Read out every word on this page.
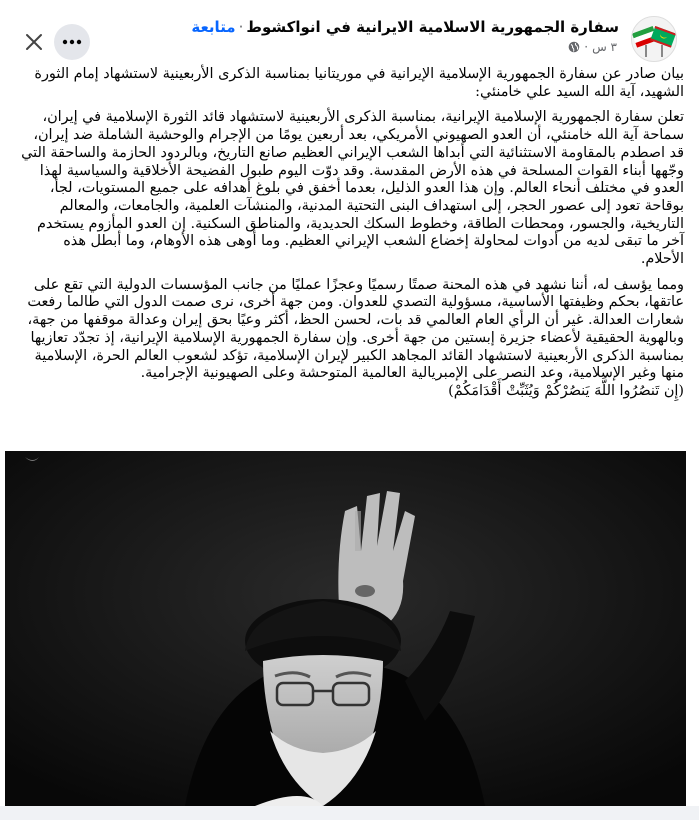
سفارة الجمهورية الاسلامية الايرانية في انواكشوط·متابعة
٣ س
·

بيان صادر عن سفارة الجمهورية الإسلامية الإيرانية في موريتانيا بمناسبة الذكرى الأربعينية لاستشهاد إمام الثورة الشهيد، آية الله السيد علي خامنئي:

تعلن سفارة الجمهورية الإسلامية الإيرانية، بمناسبة الذكرى الأربعينية لاستشهاد قائد الثورة الإسلامية في إيران، سماحة آية الله خامنئي، أن العدو الصهيوني الأمريكي، بعد أربعين يومًا من الإجرام والوحشية الشاملة ضد إيران، قد اصطدم بالمقاومة الاستثنائية التي أبداها الشعب الإيراني العظيم صانع التاريخ، وبالردود الحازمة والساحقة التي وجّهها أبناء القوات المسلحة في هذه الأرض المقدسة. وقد دوّت اليوم طبول الفضيحة الأخلاقية والسياسية لهذا العدو في مختلف أنحاء العالم. وإن هذا العدو الذليل، بعدما أخفق في بلوغ أهدافه على جميع المستويات، لجأ، بوقاحة تعود إلى عصور الحجر، إلى استهداف البنى التحتية المدنية، والمنشآت العلمية، والجامعات، والمعالم التاريخية، والجسور، ومحطات الطاقة، وخطوط السكك الحديدية، والمناطق السكنية. إن العدو المأزوم يستخدم آخر ما تبقى لديه من أدوات لمحاولة إخضاع الشعب الإيراني العظيم. وما أوهى هذه الأوهام، وما أبطل هذه الأحلام.

ومما يؤسف له، أننا نشهد في هذه المحنة صمتًا رسميًا وعجزًا عمليًا من جانب المؤسسات الدولية التي تقع على عاتقها، بحكم وظيفتها الأساسية، مسؤولية التصدي للعدوان. ومن جهة أخرى، نرى صمت الدول التي طالما رفعت شعارات العدالة. غير أن الرأي العام العالمي قد بات، لحسن الحظ، أكثر وعيًا بحق إيران وعدالة موقفها من جهة، وبالهوية الحقيقية لأعضاء جزيرة إبستين من جهة أخرى. وإن سفارة الجمهورية الإسلامية الإيرانية، إذ تجدّد تعازيها بمناسبة الذكرى الأربعينية لاستشهاد القائد المجاهد الكبير لإيران الإسلامية، تؤكد لشعوب العالم الحرة، الإسلامية منها وغير الإسلامية، وعد النصر على الإمبريالية العالمية المتوحشة وعلى الصهيونية الإجرامية.
(إِن تَنصُرُوا اللَّهَ يَنصُرْكُمْ وَيُثَبِّتْ أَقْدَامَكُمْ)
